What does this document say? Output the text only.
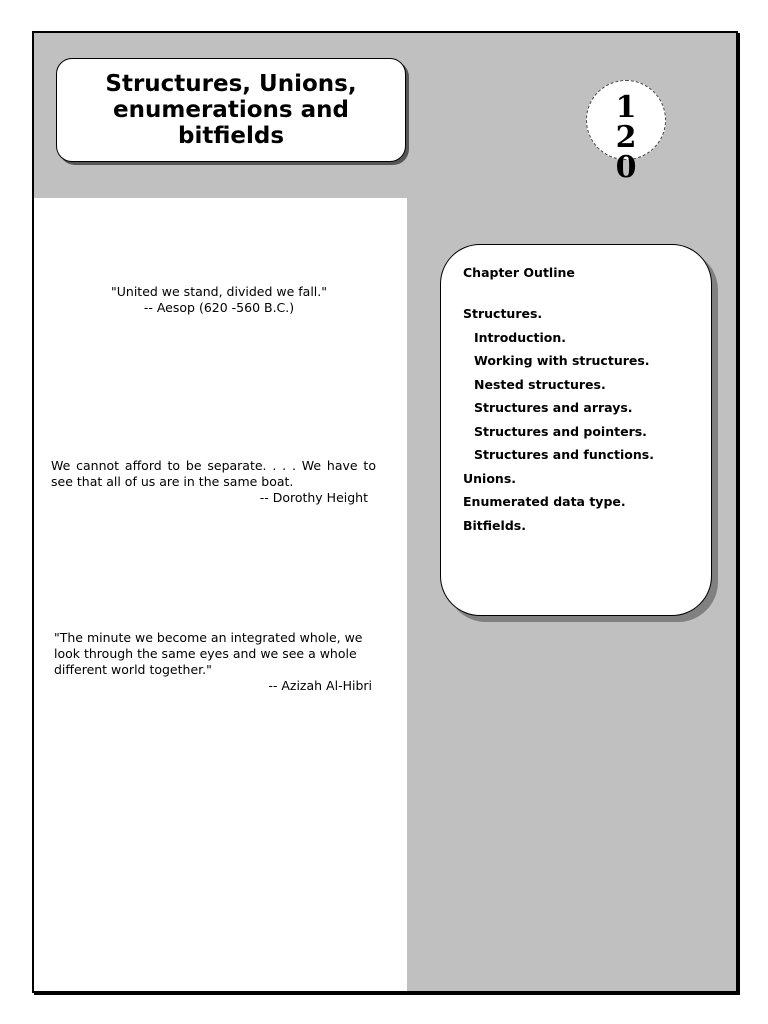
Structures, Unions, enumerations and bitfields
120
"United we stand, divided we fall."
-- Aesop (620 -560 B.C.)
We cannot afford to be separate. . . . We have to see that all of us are in the same boat.
-- Dorothy Height
"The minute we become an integrated whole, we look through the same eyes and we see a whole different world together."
-- Azizah Al-Hibri
Chapter Outline
Structures.
Introduction.
Working with structures.
Nested structures.
Structures and arrays.
Structures and pointers.
Structures and functions.
Unions.
Enumerated data type.
Bitfields.
